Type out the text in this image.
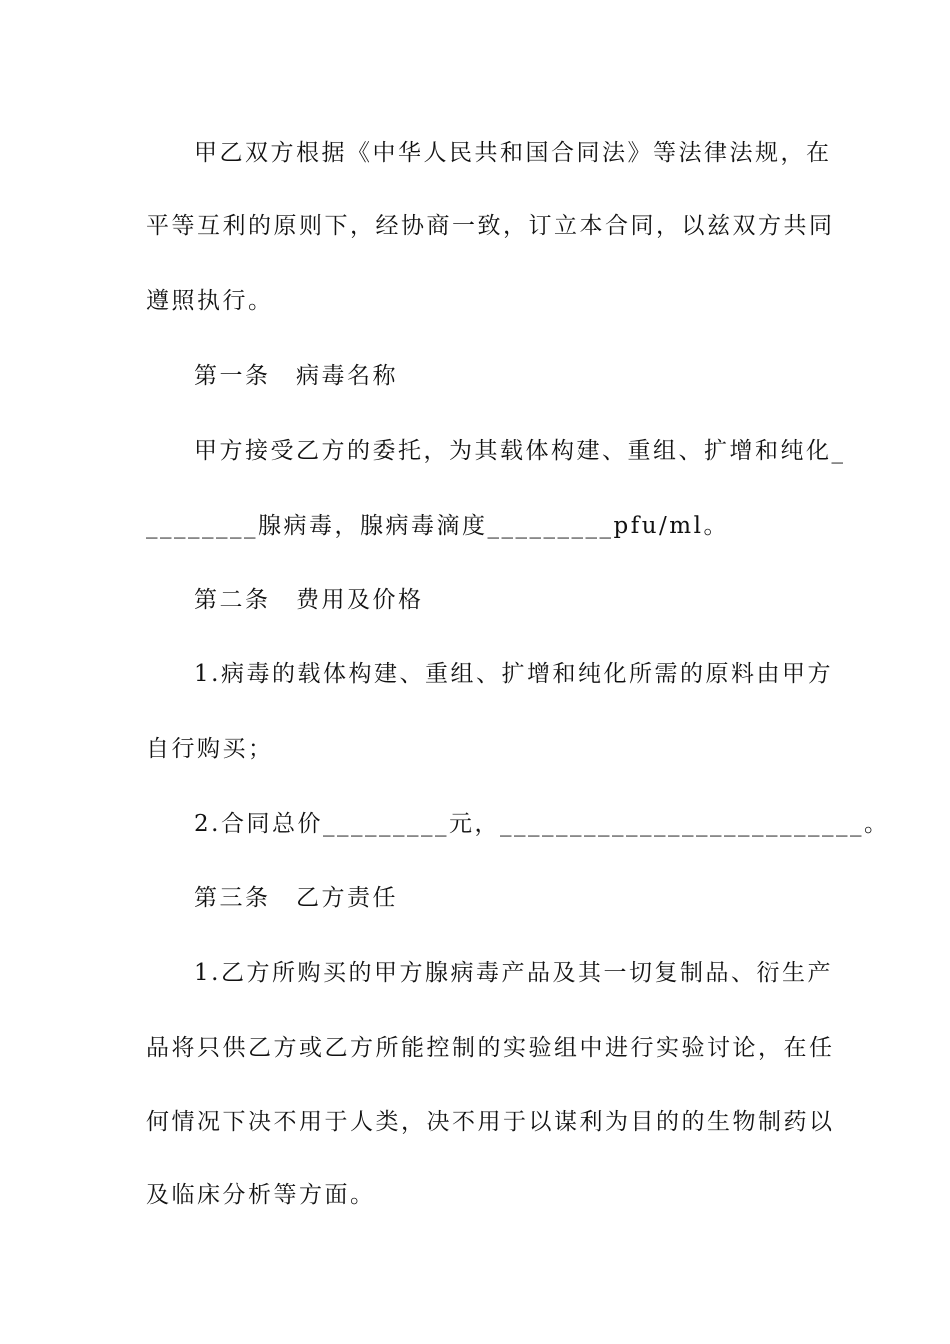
甲乙双方根据《中华人民共和国合同法》等法律法规，在
平等互利的原则下，经协商一致，订立本合同，以兹双方共同
遵照执行。
第一条　病毒名称
甲方接受乙方的委托，为其载体构建、重组、扩增和纯化_
________腺病毒，腺病毒滴度_________pfu/ml。
第二条　费用及价格
1.病毒的载体构建、重组、扩增和纯化所需的原料由甲方
自行购买；
2.合同总价_________元，__________________________。
第三条　乙方责任
1.乙方所购买的甲方腺病毒产品及其一切复制品、衍生产
品将只供乙方或乙方所能控制的实验组中进行实验讨论，在任
何情况下决不用于人类，决不用于以谋利为目的的生物制药以
及临床分析等方面。
